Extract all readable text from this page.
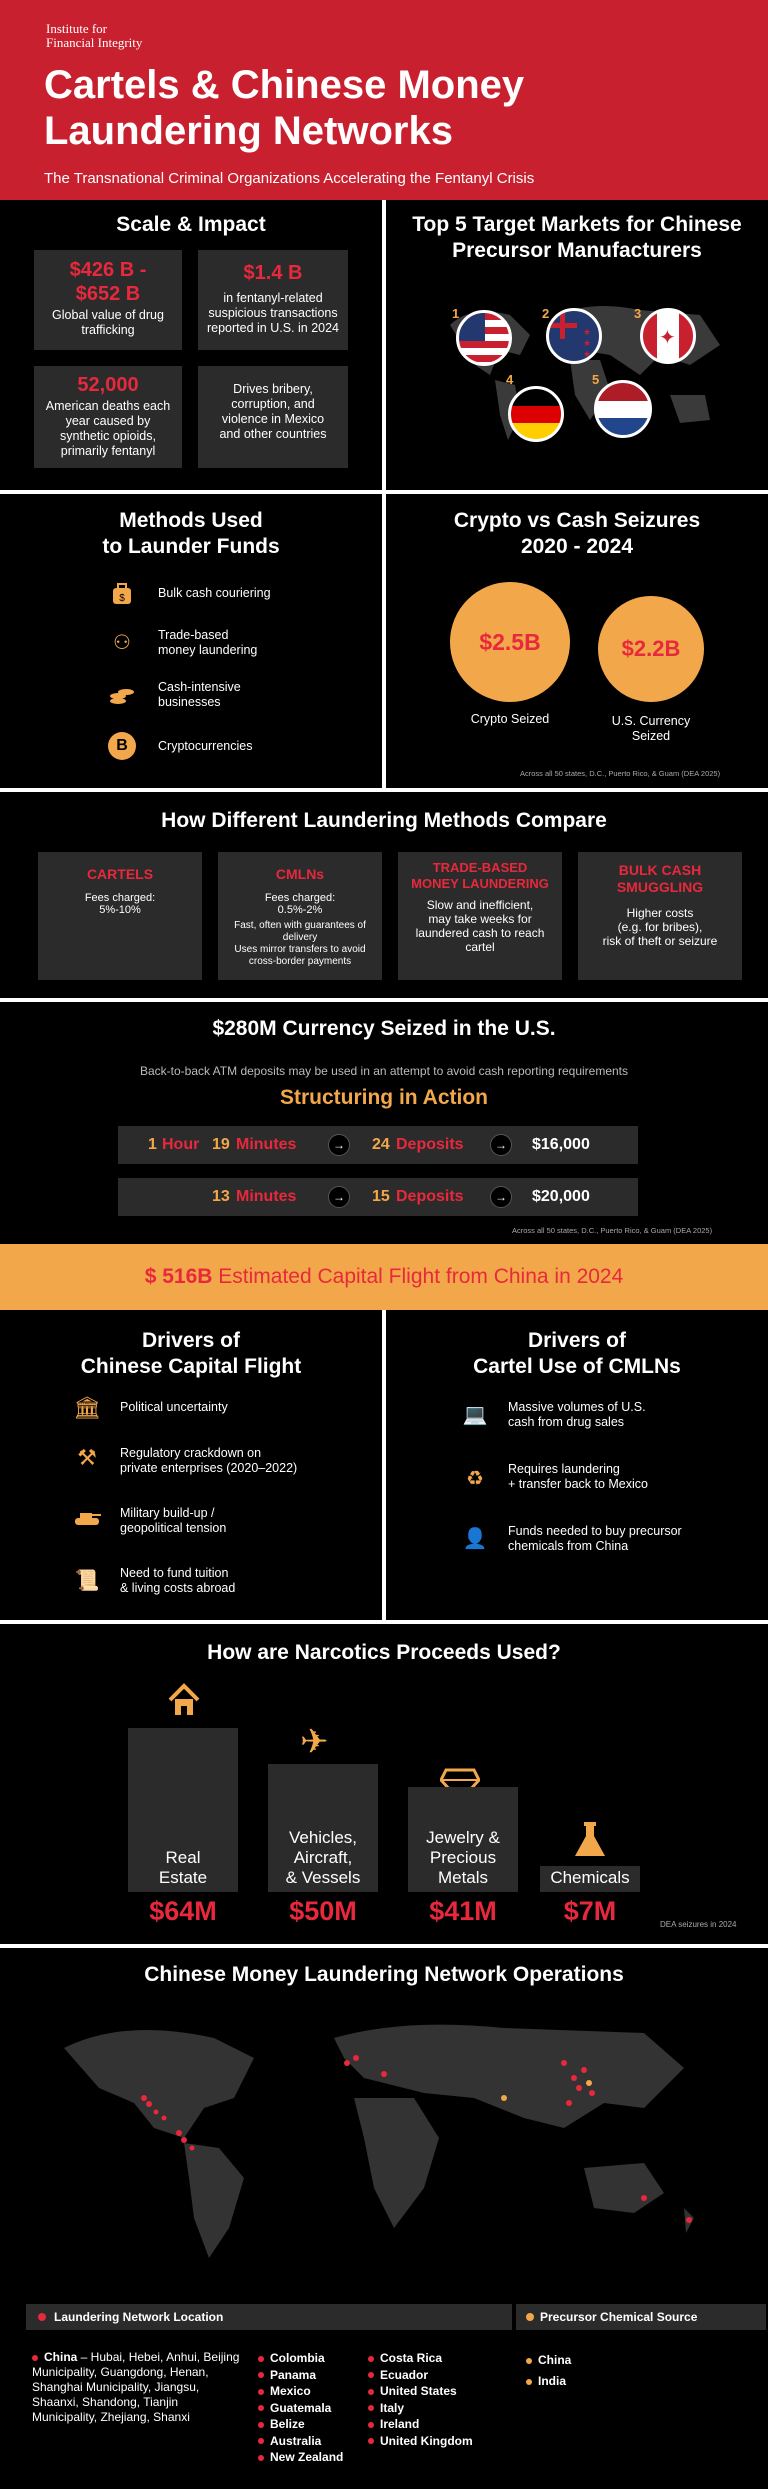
Institute for
Financial Integrity
Cartels & Chinese Money Laundering Networks
The Transnational Criminal Organizations Accelerating the Fentanyl Crisis
Scale & Impact
$426 B -
$652 B
Global value of drug trafficking
$1.4 B
in fentanyl-related suspicious transactions reported in U.S. in 2024
52,000
American deaths each year caused by synthetic opioids, primarily fentanyl
Drives bribery, corruption, and violence in Mexico and other countries
Top 5 Target Markets for Chinese Precursor Manufacturers
1	2
★
★ ★
3
✦
4	5
Methods Used
to Launder Funds
$	Bulk cash couriering
⚇	Trade-based
money laundering
Cash-intensive
businesses
B	Cryptocurrencies
Crypto vs Cash Seizures
2020 - 2024
$2.5B
Crypto Seized
$2.2B
U.S. Currency
Seized
Across all 50 states, D.C., Puerto Rico, & Guam (DEA 2025)
How Different Laundering Methods Compare
CARTELS
Fees charged:
5%-10%
CMLNs
Fees charged:
0.5%-2%
Fast, often with guarantees of delivery
Uses mirror transfers to avoid cross-border payments
TRADE-BASED
MONEY LAUNDERING
Slow and inefficient, may take weeks for laundered cash to reach cartel
BULK CASH
SMUGGLING
Higher costs
(e.g. for bribes),
risk of theft or seizure
$280M Currency Seized in the U.S.
Back-to-back ATM deposits may be used in an attempt to avoid cash reporting requirements
Structuring in Action
1 Hour 19 Minutes	→	24 Deposits	→	$16,000
13 Minutes	→	15 Deposits	→	$20,000
Across all 50 states, D.C., Puerto Rico, & Guam (DEA 2025)
$ 516B Estimated Capital Flight from China in 2024
Drivers of
Chinese Capital Flight
Drivers of
Cartel Use of CMLNs
🏛 Political uncertainty
⚒	Regulatory crackdown on
private enterprises (2020–2022)
Military build-up /
geopolitical tension
📜 Need to fund tuition
& living costs abroad
💻 Massive volumes of U.S.
cash from drug sales
♻	Requires laundering
+ transfer back to Mexico
👤 Funds needed to buy precursor
chemicals from China
How are Narcotics Proceeds Used?
✈
Real
Estate
$64M
Vehicles,
Aircraft,
& Vessels
$50M
Jewelry &
Precious
Metals
$41M
Chemicals
$7M	DEA seizures in 2024
Chinese Money Laundering Network Operations
Laundering Network Location	Precursor Chemical Source
China – Hubai, Hebei, Anhui, Beijing Municipality, Guangdong, Henan, Shanghai Municipality, Jiangsu, Shaanxi, Shandong, Tianjin Municipality, Zhejiang, Shanxi
Colombia
Panama
Mexico
Guatemala
Belize
Australia
New Zealand
Costa Rica
Ecuador
United States
Italy
Ireland
United Kingdom
China
India
